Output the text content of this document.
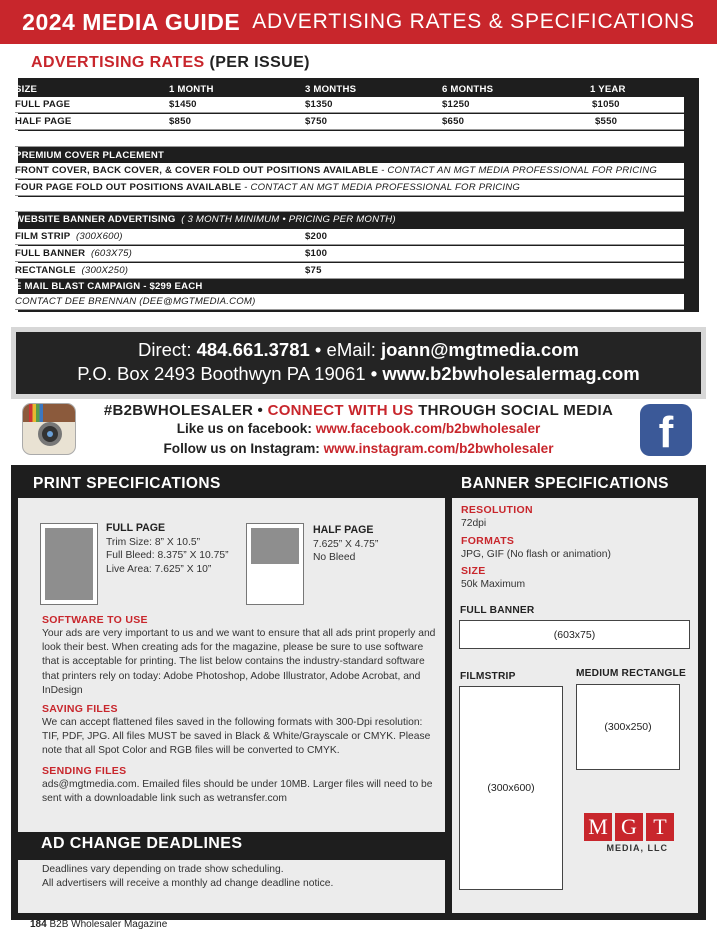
2024 MEDIA GUIDE ADVERTISING RATES & SPECIFICATIONS
ADVERTISING RATES (PER ISSUE)
SIZE	1 MONTH	3 MONTHS	6 MONTHS	1 YEAR
FULL PAGE	$1450	$1350	$1250	$1050
HALF PAGE	$850	$750	$650	$550
PREMIUM COVER PLACEMENT
FRONT COVER, BACK COVER, & COVER FOLD OUT POSITIONS AVAILABLE - CONTACT AN MGT MEDIA PROFESSIONAL FOR PRICING
FOUR PAGE FOLD OUT POSITIONS AVAILABLE - CONTACT AN MGT MEDIA PROFESSIONAL FOR PRICING
WEBSITE BANNER ADVERTISING ( 3 MONTH MINIMUM • PRICING PER MONTH)
FILM STRIP (300X600)	$200
FULL BANNER (603X75)	$100
RECTANGLE (300X250)	$75
E MAIL BLAST CAMPAIGN - $299 EACH
CONTACT DEE BRENNAN (DEE@MGTMEDIA.COM)
Direct: 484.661.3781 • eMail: joann@mgtmedia.com
P.O. Box 2493 Boothwyn PA 19061 • www.b2bwholesalermag.com
#B2BWHOLESALER • CONNECT WITH US THROUGH SOCIAL MEDIA
Like us on facebook: www.facebook.com/b2bwholesaler
Follow us on Instagram: www.instagram.com/b2bwholesaler	f
PRINT SPECIFICATIONS	BANNER SPECIFICATIONS
FULL PAGE
Trim Size: 8” X 10.5”
Full Bleed: 8.375” X 10.75”
Live Area: 7.625” X 10”
HALF PAGE
7.625” X 4.75”
No Bleed
SOFTWARE TO USE
Your ads are very important to us and we want to ensure that all ads print properly and look their best. When creating ads for the magazine, please be sure to use software that is acceptable for printing. The list below contains the industry-standard software that printers rely on today: Adobe Photoshop, Adobe Illustrator, Adobe Acrobat, and InDesign
SAVING FILES
We can accept flattened files saved in the following formats with 300-Dpi resolution: TIF, PDF, JPG. All files MUST be saved in Black & White/Grayscale or CMYK. Please note that all Spot Color and RGB files will be converted to CMYK.
SENDING FILES
ads@mgtmedia.com. Emailed files should be under 10MB. Larger files will need to be sent with a downloadable link such as wetransfer.com
AD CHANGE DEADLINES
Deadlines vary depending on trade show scheduling.
All advertisers will receive a monthly ad change deadline notice.
RESOLUTION
72dpi
FORMATS
JPG, GIF (No flash or animation)
SIZE
50k Maximum
FULL BANNER
(603x75)
FILMSTRIP
(300x600)
MEDIUM RECTANGLE
(300x250)
M G T
MEDIA, LLC
184 B2B Wholesaler Magazine
